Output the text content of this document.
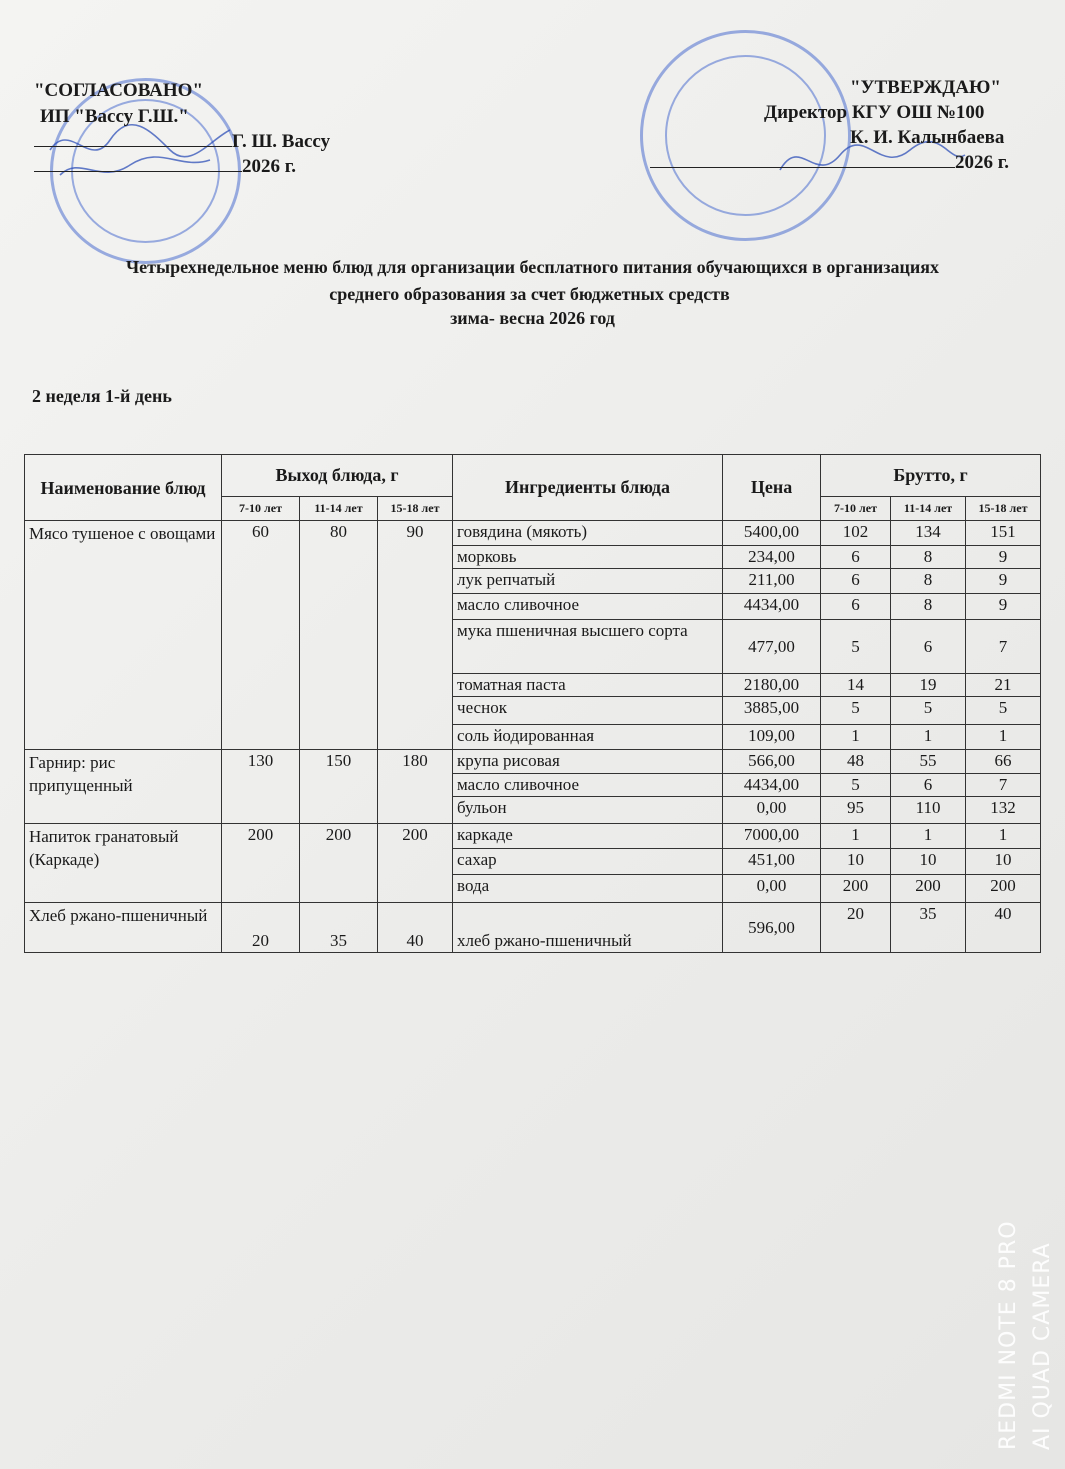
"СОГЛАСОВАНО"
ИП "Вассу Г.Ш."
Г. Ш. Вассу
2026 г.
"УТВЕРЖДАЮ"
Директор КГУ ОШ №100
К. И. Калынбаева
2026 г.
Четырехнедельное меню блюд для организации бесплатного питания обучающихся в организациях
среднего образования за счет бюджетных средств
зима- весна 2026 год
2 неделя 1-й день
Наименование блюд	Выход блюда, г			Ингредиенты блюда	Цена	Брутто, г		
	7-10 лет	11-14 лет	15-18 лет			7-10 лет	11-14 лет	15-18 лет
Мясо тушеное с овощами	60	80	90	говядина (мякоть)	5400,00	102	134	151
				морковь	234,00	6	8	9
				лук репчатый	211,00	6	8	9
				масло сливочное	4434,00	6	8	9
				мука пшеничная высшего сорта	477,00	5	6	7
				томатная паста	2180,00	14	19	21
				чеснок	3885,00	5	5	5
				соль йодированная	109,00	1	1	1
Гарнир: рис припущенный	130	150	180	крупа рисовая	566,00	48	55	66
				масло сливочное	4434,00	5	6	7
				бульон	0,00	95	110	132
Напиток гранатовый (Каркаде)	200	200	200	каркаде	7000,00	1	1	1
				сахар	451,00	10	10	10
				вода	0,00	200	200	200
Хлеб ржано-пшеничный	20	35	40	хлеб ржано-пшеничный	596,00	20	35	40
REDMI NOTE 8 PRO AI QUAD CAMERA
